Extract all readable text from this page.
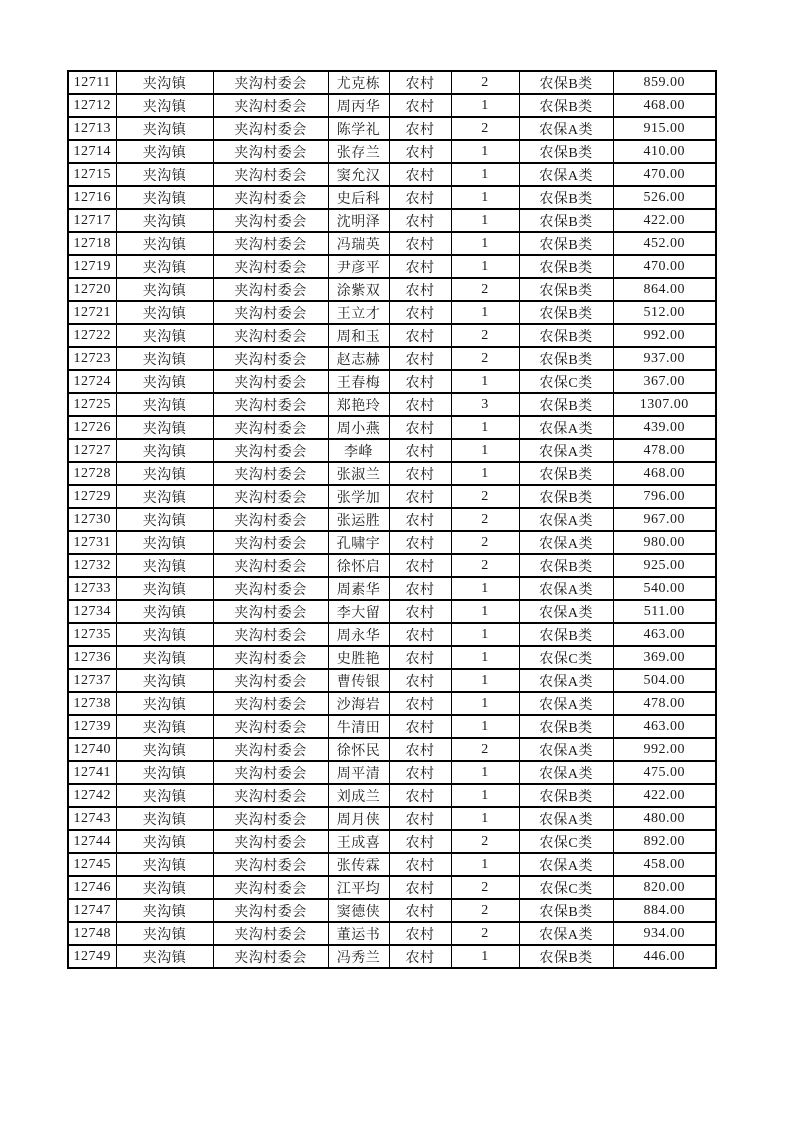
12711	夹沟镇	夹沟村委会	尤克栋	农村	2	农保B类	859.00
12712	夹沟镇	夹沟村委会	周丙华	农村	1	农保B类	468.00
12713	夹沟镇	夹沟村委会	陈学礼	农村	2	农保A类	915.00
12714	夹沟镇	夹沟村委会	张存兰	农村	1	农保B类	410.00
12715	夹沟镇	夹沟村委会	窦允汉	农村	1	农保A类	470.00
12716	夹沟镇	夹沟村委会	史后科	农村	1	农保B类	526.00
12717	夹沟镇	夹沟村委会	沈明泽	农村	1	农保B类	422.00
12718	夹沟镇	夹沟村委会	冯瑞英	农村	1	农保B类	452.00
12719	夹沟镇	夹沟村委会	尹彦平	农村	1	农保B类	470.00
12720	夹沟镇	夹沟村委会	涂紫双	农村	2	农保B类	864.00
12721	夹沟镇	夹沟村委会	王立才	农村	1	农保B类	512.00
12722	夹沟镇	夹沟村委会	周和玉	农村	2	农保B类	992.00
12723	夹沟镇	夹沟村委会	赵志赫	农村	2	农保B类	937.00
12724	夹沟镇	夹沟村委会	王春梅	农村	1	农保C类	367.00
12725	夹沟镇	夹沟村委会	郑艳玲	农村	3	农保B类	1307.00
12726	夹沟镇	夹沟村委会	周小燕	农村	1	农保A类	439.00
12727	夹沟镇	夹沟村委会	李峰	农村	1	农保A类	478.00
12728	夹沟镇	夹沟村委会	张淑兰	农村	1	农保B类	468.00
12729	夹沟镇	夹沟村委会	张学加	农村	2	农保B类	796.00
12730	夹沟镇	夹沟村委会	张运胜	农村	2	农保A类	967.00
12731	夹沟镇	夹沟村委会	孔啸宇	农村	2	农保A类	980.00
12732	夹沟镇	夹沟村委会	徐怀启	农村	2	农保B类	925.00
12733	夹沟镇	夹沟村委会	周素华	农村	1	农保A类	540.00
12734	夹沟镇	夹沟村委会	李大留	农村	1	农保A类	511.00
12735	夹沟镇	夹沟村委会	周永华	农村	1	农保B类	463.00
12736	夹沟镇	夹沟村委会	史胜艳	农村	1	农保C类	369.00
12737	夹沟镇	夹沟村委会	曹传银	农村	1	农保A类	504.00
12738	夹沟镇	夹沟村委会	沙海岩	农村	1	农保A类	478.00
12739	夹沟镇	夹沟村委会	牛清田	农村	1	农保B类	463.00
12740	夹沟镇	夹沟村委会	徐怀民	农村	2	农保A类	992.00
12741	夹沟镇	夹沟村委会	周平清	农村	1	农保A类	475.00
12742	夹沟镇	夹沟村委会	刘成兰	农村	1	农保B类	422.00
12743	夹沟镇	夹沟村委会	周月侠	农村	1	农保A类	480.00
12744	夹沟镇	夹沟村委会	王成喜	农村	2	农保C类	892.00
12745	夹沟镇	夹沟村委会	张传霖	农村	1	农保A类	458.00
12746	夹沟镇	夹沟村委会	江平均	农村	2	农保C类	820.00
12747	夹沟镇	夹沟村委会	窦德侠	农村	2	农保B类	884.00
12748	夹沟镇	夹沟村委会	董运书	农村	2	农保A类	934.00
12749	夹沟镇	夹沟村委会	冯秀兰	农村	1	农保B类	446.00
